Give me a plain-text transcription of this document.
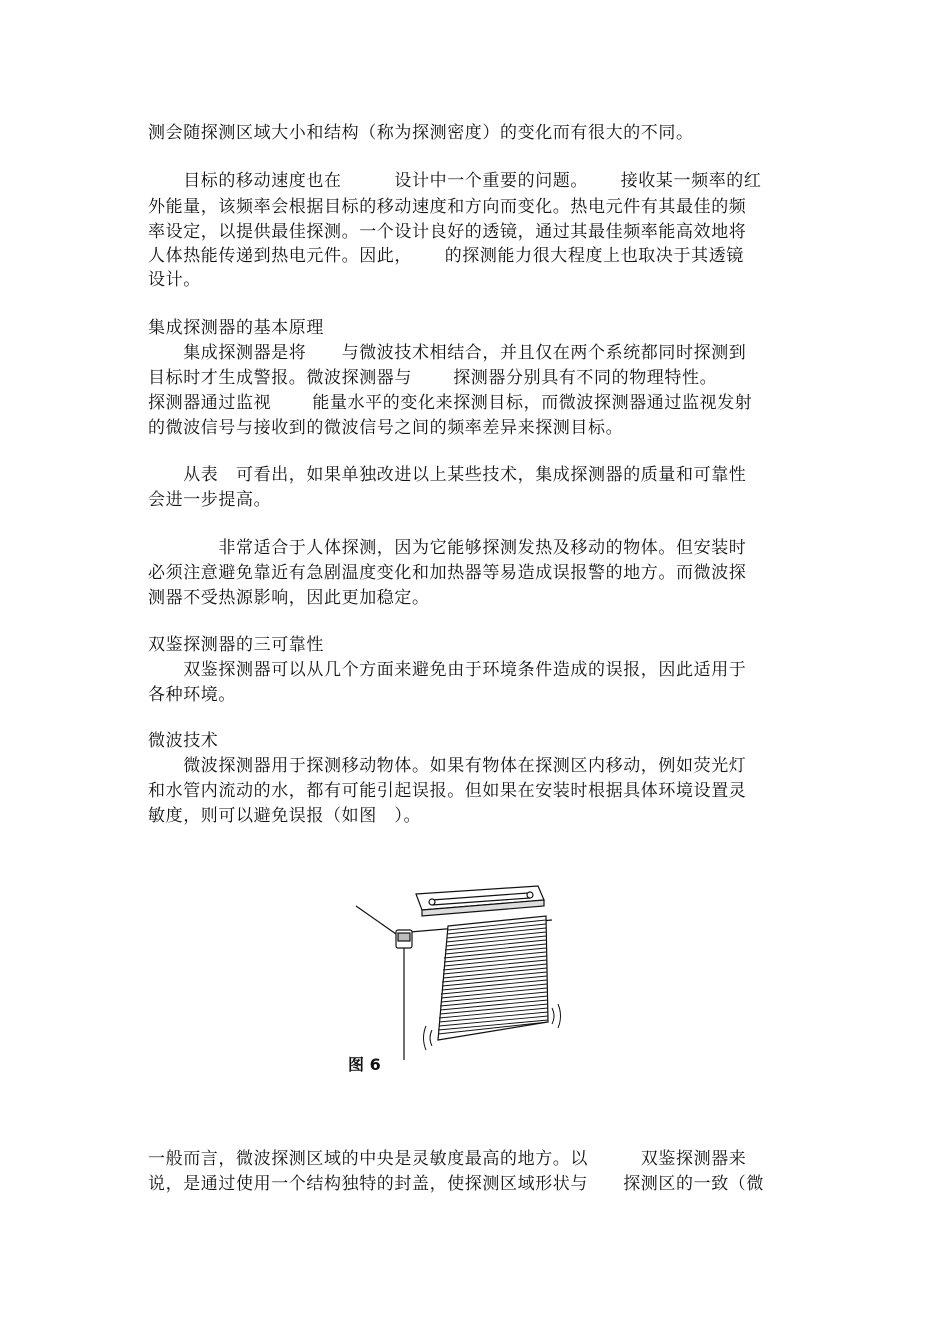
测会随探测区域大小和结构（称为探测密度）的变化而有很大的不同。
　　目标的移动速度也在　　　设计中一个重要的问题。　　 接收某一频率的红
外能量，该频率会根据目标的移动速度和方向而变化。热电元件有其最佳的频
率设定，以提供最佳探测。一个设计良好的透镜，通过其最佳频率能高效地将
人体热能传递到热电元件。因此，　　 的探测能力很大程度上也取决于其透镜
设计。
集成探测器的基本原理
　　集成探测器是将　　与微波技术相结合，并且仅在两个系统都同时探测到
目标时才生成警报。微波探测器与　　 探测器分别具有不同的物理特性。
探测器通过监视　　 能量水平的变化来探测目标，而微波探测器通过监视发射
的微波信号与接收到的微波信号之间的频率差异来探测目标。
　　从表　可看出，如果单独改进以上某些技术，集成探测器的质量和可靠性
会进一步提高。
　　　　非常适合于人体探测，因为它能够探测发热及移动的物体。但安装时
必须注意避免靠近有急剧温度变化和加热器等易造成误报警的地方。而微波探
测器不受热源影响，因此更加稳定。
双鉴探测器的三可靠性
　　双鉴探测器可以从几个方面来避免由于环境条件造成的误报，因此适用于
各种环境。
微波技术
　　微波探测器用于探测移动物体。如果有物体在探测区内移动，例如荧光灯
和水管内流动的水，都有可能引起误报。但如果在安装时根据具体环境设置灵
敏度，则可以避免误报（如图　）。
图 6
一般而言，微波探测区域的中央是灵敏度最高的地方。以　　　双鉴探测器来
说，是通过使用一个结构独特的封盖，使探测区域形状与　　探测区的一致（微
